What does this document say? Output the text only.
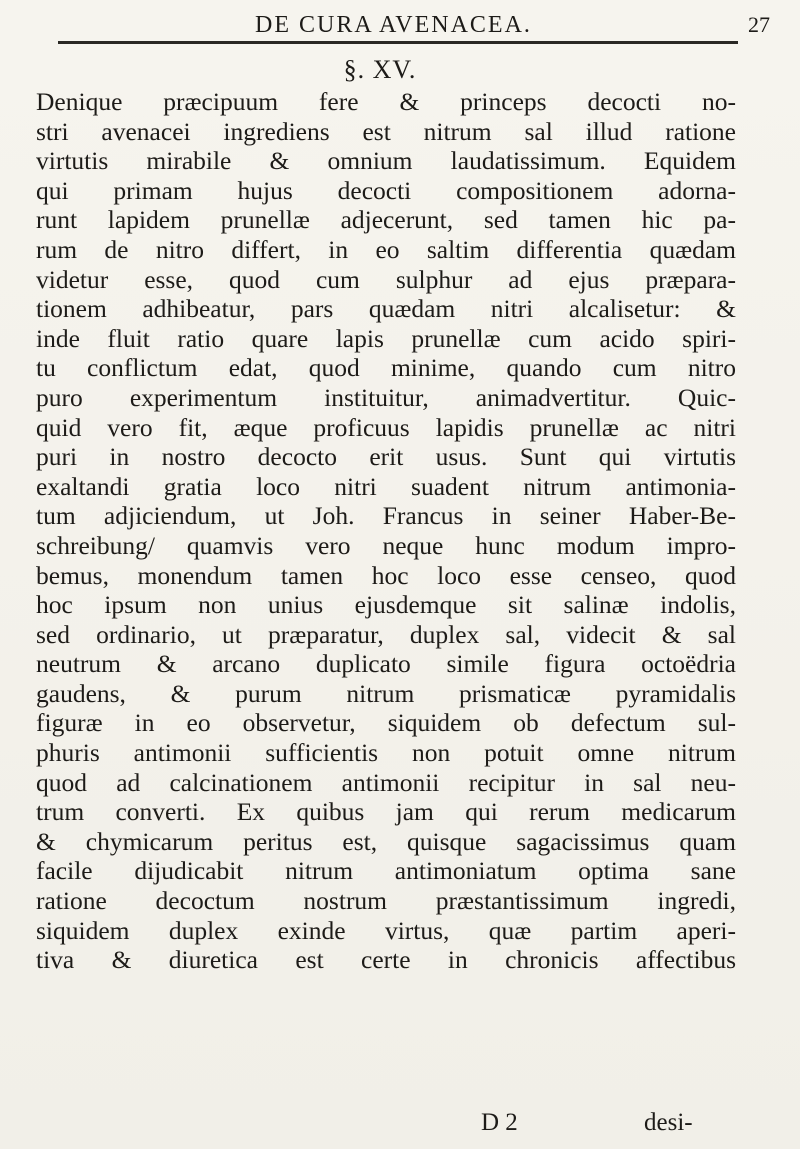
DE CURA AVENACEA.	27
§. XV.
Denique præcipuum fere & princeps decocti no-
stri avenacei ingrediens est nitrum sal illud ratione
virtutis mirabile & omnium laudatissimum. Equidem
qui primam hujus decocti compositionem adorna-
runt lapidem prunellæ adjecerunt, sed tamen hic pa-
rum de nitro differt, in eo saltim differentia quædam
videtur esse, quod cum sulphur ad ejus præpara-
tionem adhibeatur, pars quædam nitri alcalisetur: &
inde fluit ratio quare lapis prunellæ cum acido spiri-
tu conflictum edat, quod minime, quando cum nitro
puro experimentum instituitur, animadvertitur. Quic-
quid vero fit, æque proficuus lapidis prunellæ ac nitri
puri in nostro decocto erit usus. Sunt qui virtutis
exaltandi gratia loco nitri suadent nitrum antimonia-
tum adjiciendum, ut Joh. Francus in seiner Haber-Be-
schreibung/ quamvis vero neque hunc modum impro-
bemus, monendum tamen hoc loco esse censeo, quod
hoc ipsum non unius ejusdemque sit salinæ indolis,
sed ordinario, ut præparatur, duplex sal, videcit & sal
neutrum & arcano duplicato simile figura octoëdria
gaudens, & purum nitrum prismaticæ pyramidalis
figuræ in eo observetur, siquidem ob defectum sul-
phuris antimonii sufficientis non potuit omne nitrum
quod ad calcinationem antimonii recipitur in sal neu-
trum converti. Ex quibus jam qui rerum medicarum
& chymicarum peritus est, quisque sagacissimus quam
facile dijudicabit nitrum antimoniatum optima sane
ratione decoctum nostrum præstantissimum ingredi,
siquidem duplex exinde virtus, quæ partim aperi-
tiva & diuretica est certe in chronicis affectibus
D 2	desi-
